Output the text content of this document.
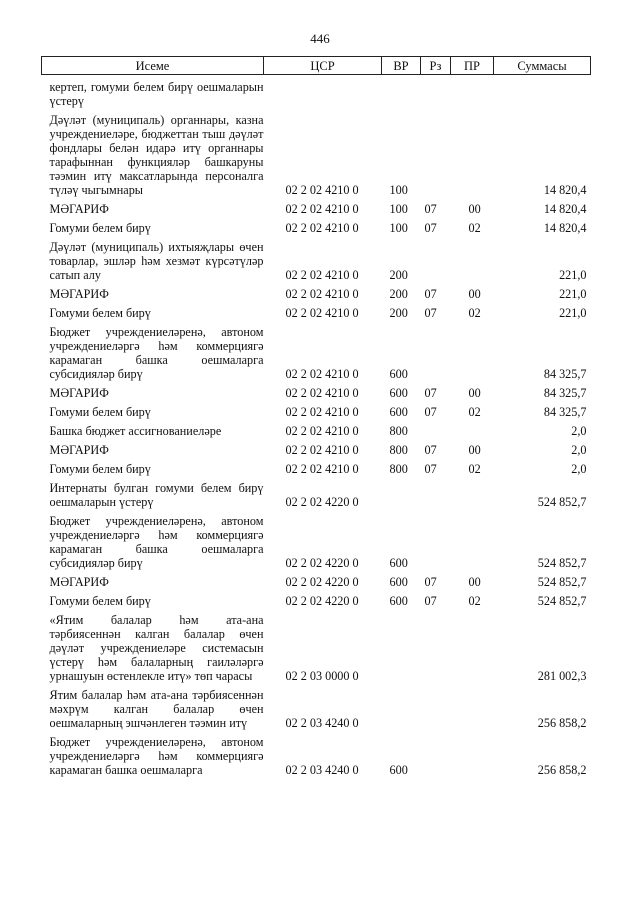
446
Исеме	ЦСР	ВР	Рз	ПР	Суммасы
кертеп, гомуми белем бирү оешмаларын үстерү					
Дәүләт (муниципаль) органнары, казна учреждениеләре, бюджеттан тыш дәүләт фондлары белән идарә итү органнары тарафыннан функцияләр башкаруны тәэмин итү максатларында персоналга түләү чыгымнары	02 2 02 4210 0	100			14 820,4
МӘГАРИФ	02 2 02 4210 0	100	07	00	14 820,4
Гомуми белем бирү	02 2 02 4210 0	100	07	02	14 820,4
Дәүләт (муниципаль) ихтыяҗлары өчен товарлар, эшләр һәм хезмәт күрсәтүләр сатып алу	02 2 02 4210 0	200			221,0
МӘГАРИФ	02 2 02 4210 0	200	07	00	221,0
Гомуми белем бирү	02 2 02 4210 0	200	07	02	221,0
Бюджет учреждениеләренә, автоном учреждениеләргә һәм коммерциягә карамаган башка оешмаларга субсидияләр бирү	02 2 02 4210 0	600			84 325,7
МӘГАРИФ	02 2 02 4210 0	600	07	00	84 325,7
Гомуми белем бирү	02 2 02 4210 0	600	07	02	84 325,7
Башка бюджет ассигнованиеләре	02 2 02 4210 0	800			2,0
МӘГАРИФ	02 2 02 4210 0	800	07	00	2,0
Гомуми белем бирү	02 2 02 4210 0	800	07	02	2,0
Интернаты булган гомуми белем бирү оешмаларын үстерү	02 2 02 4220 0				524 852,7
Бюджет учреждениеләренә, автоном учреждениеләргә һәм коммерциягә карамаган башка оешмаларга субсидияләр бирү	02 2 02 4220 0	600			524 852,7
МӘГАРИФ	02 2 02 4220 0	600	07	00	524 852,7
Гомуми белем бирү	02 2 02 4220 0	600	07	02	524 852,7
«Ятим балалар һәм ата-ана тәрбиясеннән калган балалар өчен дәүләт учреждениеләре системасын үстерү һәм балаларның гаиләләргә урнашуын өстенлекле итү» төп чарасы	02 2 03 0000 0				281 002,3
Ятим балалар һәм ата-ана тәрбиясеннән мәхрүм калган балалар өчен оешмаларның эшчәнлеген тәэмин итү	02 2 03 4240 0				256 858,2
Бюджет учреждениеләренә, автоном учреждениеләргә һәм коммерциягә карамаган башка оешмаларга	02 2 03 4240 0	600			256 858,2
